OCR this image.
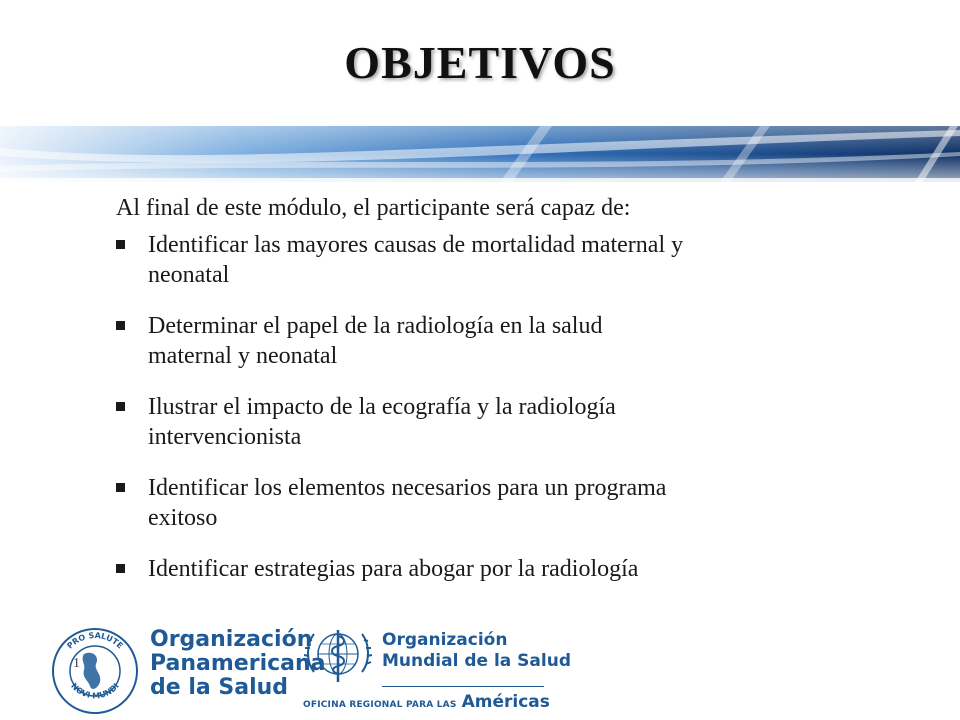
OBJETIVOS

Al final de este módulo, el participante será capaz de:

Identificar las mayores causas de mortalidad maternal y
neonatal
Determinar el papel de la radiología en la salud
maternal y neonatal
Ilustrar el impacto de la ecografía y la radiología
intervencionista
Identificar los elementos necesarios para un programa
exitoso
Identificar estrategias para abogar por la radiología
PRO SALUTE
NOVI MUNDI
1
Organización
Panamericana
de la Salud
Organización
Mundial de la Salud
OFICINA REGIONAL PARA LAS Américas
